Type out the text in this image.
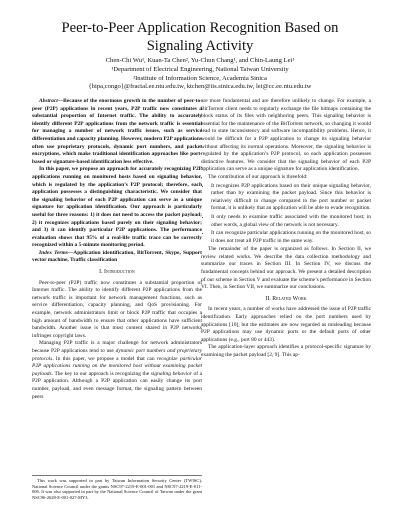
Peer-to-Peer Application Recognition Based on
Signaling Activity
Chen-Chi Wu¹, Kuan-Ta Chen², Yu-Chun Chang¹, and Chin-Laung Lei¹
¹Department of Electrical Engineering, National Taiwan University
²Institute of Information Science, Academia Sinica
{bipa,congo}@fractal.ee.ntu.edu.tw, ktchen@iis.sinica.edu.tw, lei@cc.ee.ntu.edu.tw

Abstract—Because of the enormous growth in the number of peer-to-peer (P2P) applications in recent years, P2P traffic now constitutes a substantial proportion of Internet traffic. The ability to accurately identify different P2P applications from the network traffic is essential for managing a number of network traffic issues, such as service differentiation and capacity planning. However, modern P2P applications often use proprietary protocols, dynamic port numbers, and packet encryptions, which make traditional identification approaches like port-based or signature-based identification less effective.

In this paper, we propose an approach for accurately recognizing P2P applications running on monitored hosts based on signaling behavior, which is regulated by the application’s P2P protocol; therefore, each application possesses a distinguishing characteristic. We consider that the signaling behavior of each P2P application can serve as a unique signature for application identification. Our approach is particularly useful for three reasons: 1) it does not need to access the packet payload; 2) it recognizes applications based purely on their signaling behavior; and 3) it can identify particular P2P applications. The performance evaluation shows that 95% of a real-life traffic trace can be correctly recognized within a 5-minute monitoring period.

Index Terms—Application identification, BitTorrent, Skype, Support vector machine, Traffic classification

I. Introduction

Peer-to-peer (P2P) traffic now constitutes a substantial proportion of Internet traffic. The ability to identify different P2P applications from the network traffic is important for network management functions, such as service differentiation, capacity planning, and QoS provisioning. For example, network administrators limit or block P2P traffic that occupies a high amount of bandwidth to ensure that other applications have sufficient bandwidth. Another issue is that most content shared in P2P networks infringes copyright laws.

Managing P2P traffic is a major challenge for network administrators because P2P applications tend to use dynamic port numbers and proprietary protocols. In this paper, we propose a model that can recognize particular P2P applications running on the monitored host without examining packet payloads. The key to our approach is recognizing the signaling behavior of a P2P application. Although a P2P application can easily change its port number, payload, and even message format, the signaling pattern between peers

are more fundamental and are therefore unlikely to change. For example, a BitTorrent client needs to regularly exchange the file bitmaps containing the block status of its files with neighboring peers. This signaling behavior is essential for the maintenance of the BitTorrent network, so changing it would lead to state inconsistency and software incompatibility problems. Hence, it would be difficult for a P2P application to change its signaling behavior without affecting its normal operations. Moreover, the signaling behavior is regulated by the application’s P2P protocol, so each application possesses distinctive features. We consider that the signaling behavior of each P2P application can serve as a unique signature for application identification.

The contribution of our approach is threefold:

• It recognizes P2P applications based on their unique signaling behavior, rather than by examining the packet payload. Since this behavior is relatively difficult to change compared to the port number or packet format, it is unlikely that an application will be able to evade recognition.
• It only needs to examine traffic associated with the monitored host; in other words, a global view of the network is not necessary.
• It can recognize particular applications running on the monitored host, so it does not treat all P2P traffic in the same way.

The remainder of the paper is organized as follows. In Section II, we review related works. We describe the data collection methodology and summarize our traces in Section III. In Section IV, we discuss the fundamental concepts behind our approach. We present a detailed description of our scheme in Section V and evaluate the scheme’s performance in Section VI. Then, in Section VII, we summarize our conclusions.

II. Related Work

In recent years, a number of works have addressed the issue of P2P traffic identification. Early approaches relied on the port numbers used by applications [10], but the estimates are now regarded as misleading because P2P applications may use dynamic ports or the default ports of other applications (e.g., port 80 or 443).

The application-layer approach identifies a protocol-specific signature by examining the packet payload [2, 9]. This ap-

This work was supported in part by Taiwan Information Security Center (TWISC), National Science Council under the grants NSC97-2219-E-001-001 and NSC97-2219-E-011-006. It was also supported in part by the National Science Council of Taiwan under the grant NSC96-2628-E-001-027-MY3.
